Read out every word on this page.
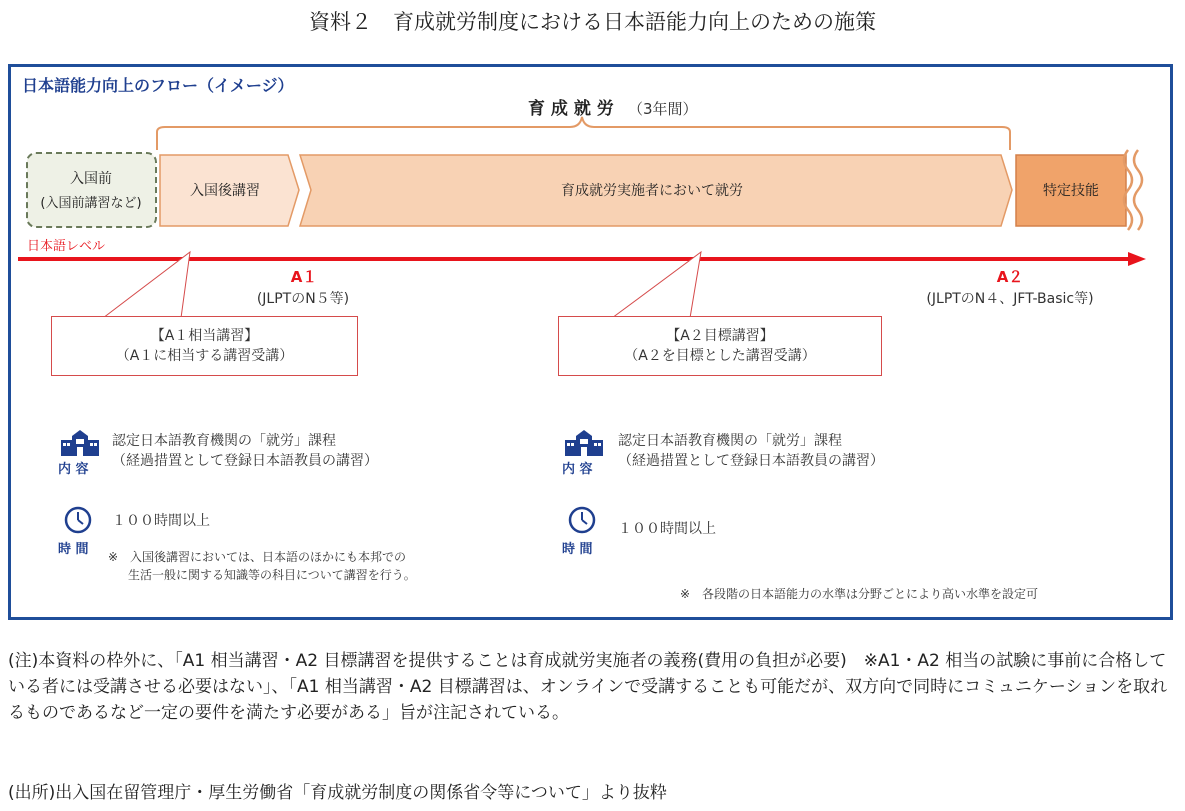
資料２　育成就労制度における日本語能力向上のための施策
日本語能力向上のフロー（イメージ）
育 成 就 労 （3年間）
入国前
(入国前講習など)
入国後講習	育成就労実施者において就労	特定技能
日本語レベル
A１
(JLPTのN５等)
A２
(JLPTのN４、JFT-Basic等)
【A１相当講習】
（A１に相当する講習受講）
【A２目標講習】
（A２を目標とした講習受講）
内 容
認定日本語教育機関の「就労」課程
（経過措置として登録日本語教員の講習）
時 間
１００時間以上
※　入国後講習においては、日本語のほかにも本邦での
生活一般に関する知識等の科目について講習を行う。
内 容
認定日本語教育機関の「就労」課程
（経過措置として登録日本語教員の講習）
時 間
１００時間以上
※　各段階の日本語能力の水準は分野ごとにより高い水準を設定可
(注)本資料の枠外に、「A1 相当講習・A2 目標講習を提供することは育成就労実施者の義務(費用の負担が必要)　※A1・A2 相当の試験に事前に合格している者には受講させる必要はない」、「A1 相当講習・A2 目標講習は、オンラインで受講することも可能だが、双方向で同時にコミュニケーションを取れるものであるなど一定の要件を満たす必要がある」旨が注記されている。
(出所)出入国在留管理庁・厚生労働省「育成就労制度の関係省令等について」より抜粋
